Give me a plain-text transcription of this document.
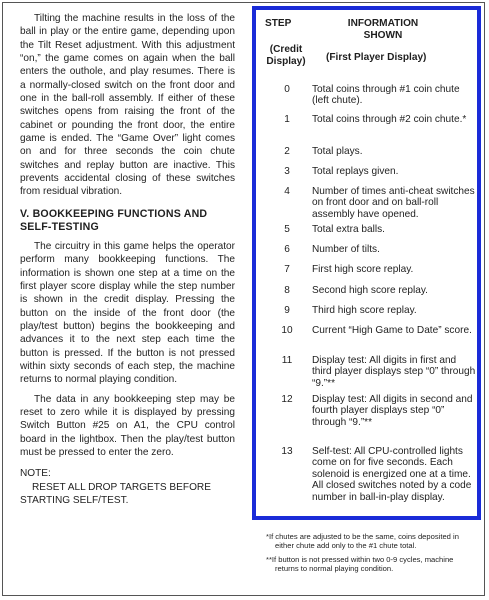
Tilting the machine results in the loss of the ball in play or the entire game, depending upon the Tilt Reset adjustment. With this adjustment “on,” the game comes on again when the ball enters the outhole, and play resumes. There is a normally-closed switch on the front door and one in the ball-roll assembly. If either of these switches opens from raising the front of the cabinet or pounding the front door, the entire game is ended. The “Game Over” light comes on and for three seconds the coin chute switches and replay button are inactive. This prevents accidental closing of these switches from residual vibration.

V. BOOKKEEPING FUNCTIONS AND SELF-TESTING

The circuitry in this game helps the operator perform many bookkeeping functions. The information is shown one step at a time on the first player score display while the step number is shown in the credit display. Pressing the button on the inside of the front door (the play/test button) begins the bookkeeping and advances it to the next step each time the button is pressed. If the button is not pressed within sixty seconds of each step, the machine returns to normal playing condition.

The data in any bookkeeping step may be reset to zero while it is displayed by pressing Switch Button #25 on A1, the CPU control board in the lightbox. Then the play/test button must be pressed to enter the zero.

NOTE:

RESET ALL DROP TARGETS BEFORE STARTING SELF/TEST.

STEP	INFORMATION SHOWN
(Credit Display)	(First Player Display)
0	Total coins through #1 coin chute (left chute).
1	Total coins through #2 coin chute.*
2	Total plays.
3	Total replays given.
4	Number of times anti-cheat switches on front door and on ball-roll assembly have opened.
5	Total extra balls.
6	Number of tilts.
7	First high score replay.
8	Second high score replay.
9	Third high score replay.
10	Current “High Game to Date” score.
11	Display test: All digits in first and third player displays step “0” through “9.”**
12	Display test: All digits in second and fourth player displays step “0” through “9.”**
13	Self-test: All CPU-controlled lights come on for five seconds. Each solenoid is energized one at a time. All closed switches noted by a code number in ball-in-play display.

*If chutes are adjusted to be the same, coins deposited in either chute add only to the #1 chute total.

**If button is not pressed within two 0-9 cycles, machine returns to normal playing condition.
